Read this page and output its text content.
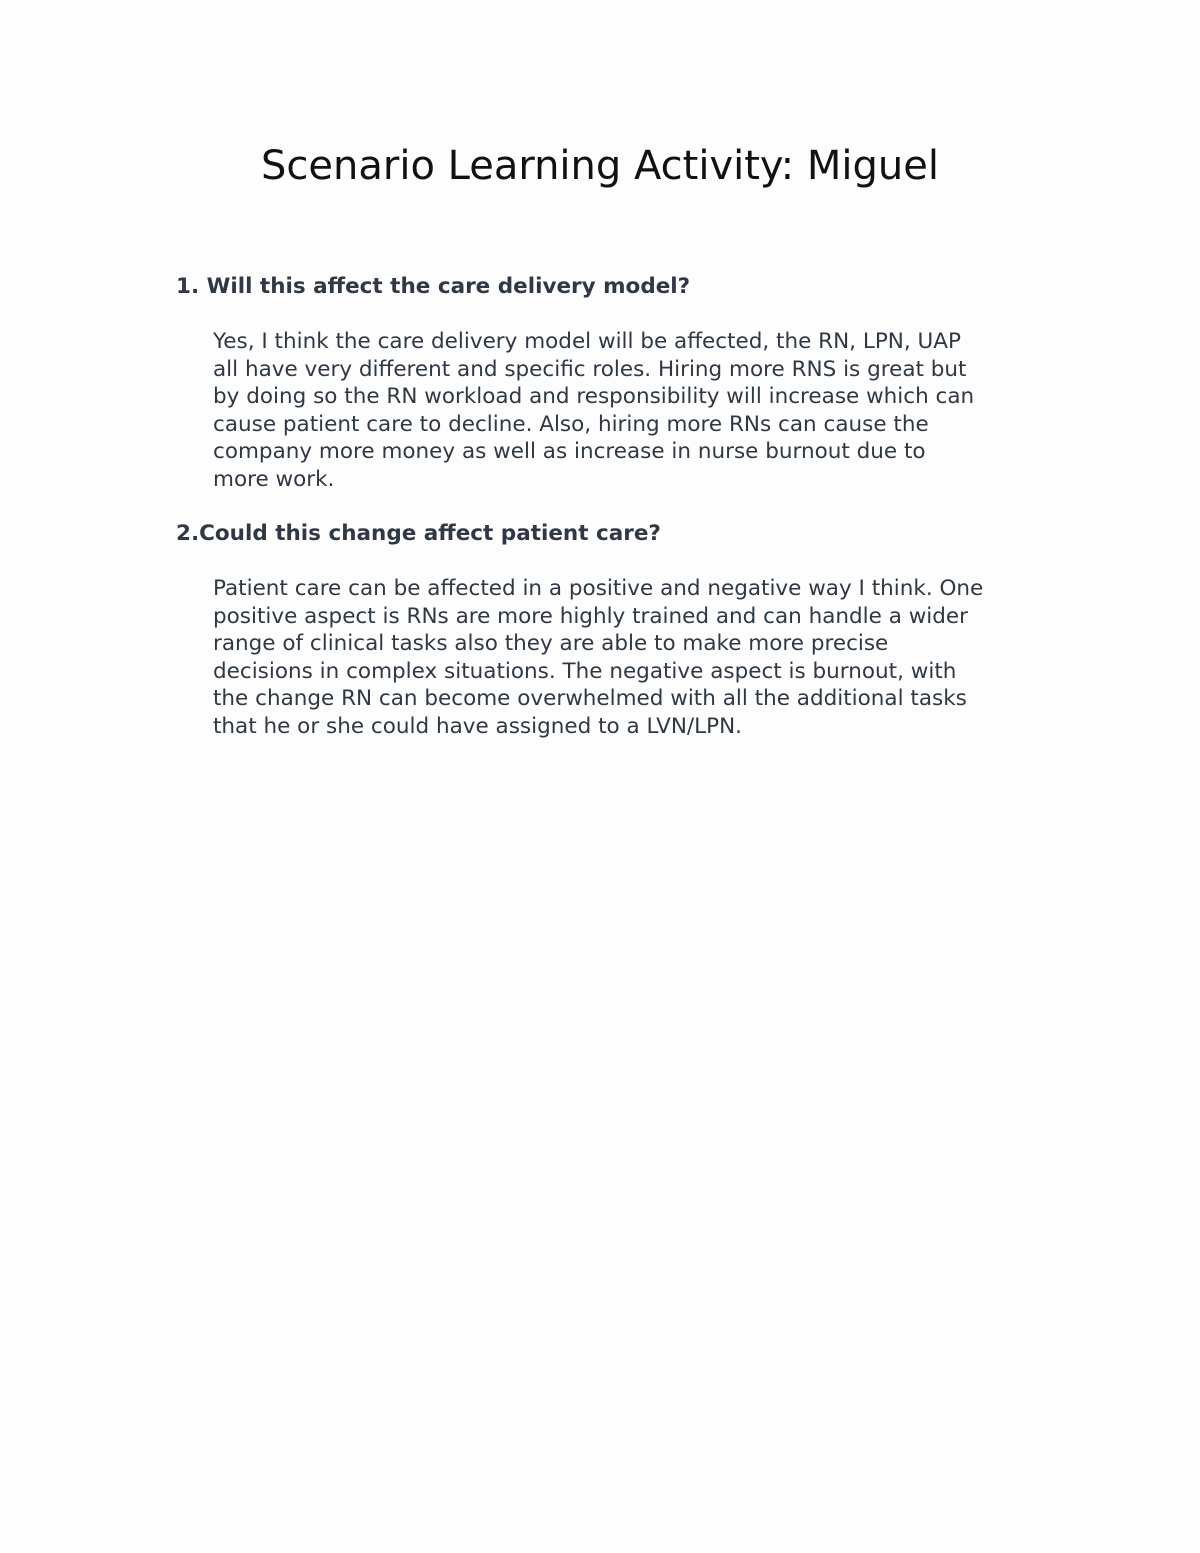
Scenario Learning Activity: Miguel

1. Will this affect the care delivery model?

Yes, I think the care delivery model will be affected, the RN, LPN, UAP
all have very different and specific roles. Hiring more RNS is great but
by doing so the RN workload and responsibility will increase which can
cause patient care to decline. Also, hiring more RNs can cause the
company more money as well as increase in nurse burnout due to
more work.

2.Could this change affect patient care?

Patient care can be affected in a positive and negative way I think. One
positive aspect is RNs are more highly trained and can handle a wider
range of clinical tasks also they are able to make more precise
decisions in complex situations. The negative aspect is burnout, with
the change RN can become overwhelmed with all the additional tasks
that he or she could have assigned to a LVN/LPN.
